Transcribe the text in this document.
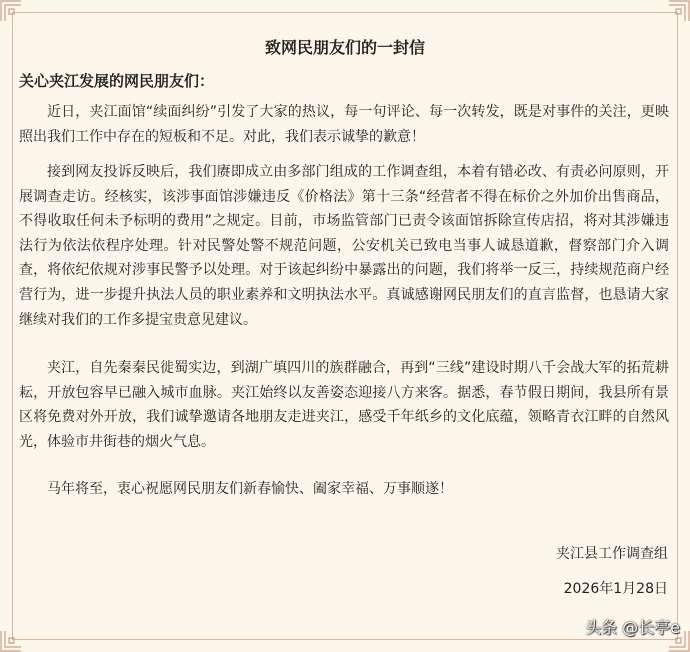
致网民朋友们的一封信
关心夹江发展的网民朋友们：

近日，夹江面馆“续面纠纷”引发了大家的热议，每一句评论、每一次转发，既是对事件的关注，更映照出我们工作中存在的短板和不足。对此，我们表示诚挚的歉意！

接到网友投诉反映后，我们赓即成立由多部门组成的工作调查组，本着有错必改、有责必问原则，开展调查走访。经核实，该涉事面馆涉嫌违反《价格法》第十三条“经营者不得在标价之外加价出售商品，不得收取任何未予标明的费用”之规定。目前，市场监管部门已责令该面馆拆除宣传店招，将对其涉嫌违法行为依法依程序处理。针对民警处警不规范问题，公安机关已致电当事人诚恳道歉，督察部门介入调查，将依纪依规对涉事民警予以处理。对于该起纠纷中暴露出的问题，我们将举一反三，持续规范商户经营行为，进一步提升执法人员的职业素养和文明执法水平。真诚感谢网民朋友们的直言监督，也恳请大家继续对我们的工作多提宝贵意见建议。

夹江，自先秦秦民徙蜀实边，到湖广填四川的族群融合，再到“三线”建设时期八千会战大军的拓荒耕耘，开放包容早已融入城市血脉。夹江始终以友善姿态迎接八方来客。据悉，春节假日期间，我县所有景区将免费对外开放，我们诚挚邀请各地朋友走进夹江，感受千年纸乡的文化底蕴，领略青衣江畔的自然风光，体验市井街巷的烟火气息。

马年将至，衷心祝愿网民朋友们新春愉快、阖家幸福、万事顺遂！

夹江县工作调查组
2026年1月28日
头条 @长亭e
